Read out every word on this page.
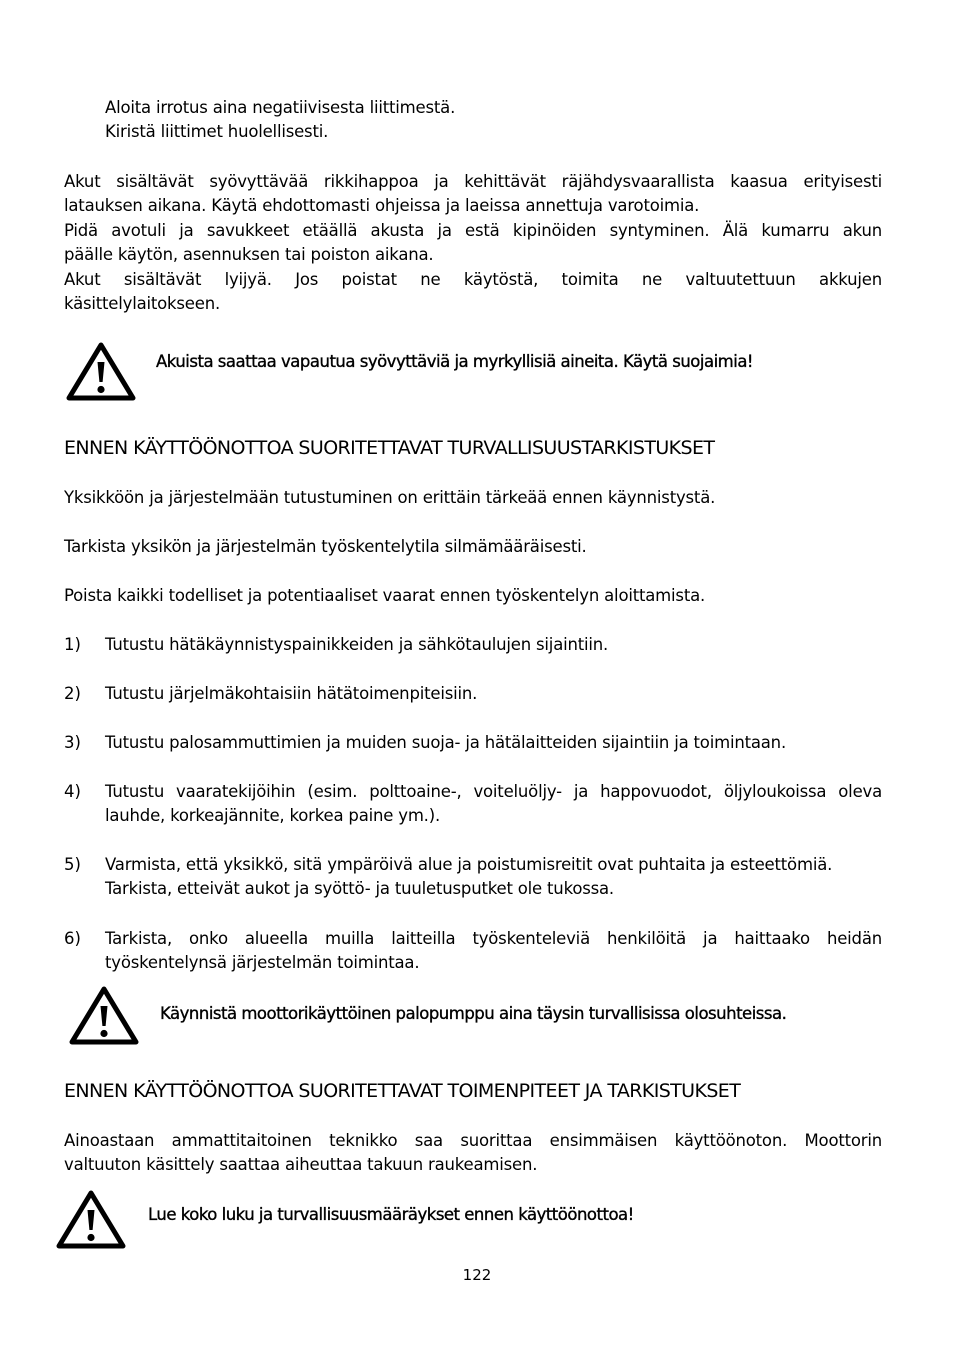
Aloita irrotus aina negatiivisesta liittimestä.
Kiristä liittimet huolellisesti.
Akut sisältävät syövyttävää rikkihappoa ja kehittävät räjähdysvaarallista kaasua erityisesti
latauksen aikana. Käytä ehdottomasti ohjeissa ja laeissa annettuja varotoimia.
Pidä avotuli ja savukkeet etäällä akusta ja estä kipinöiden syntyminen. Älä kumarru akun
päälle käytön, asennuksen tai poiston aikana.
Akut sisältävät lyijyä. Jos poistat ne käytöstä, toimita ne valtuutettuun akkujen
käsittelylaitokseen.
Akuista saattaa vapautua syövyttäviä ja myrkyllisiä aineita. Käytä suojaimia!
ENNEN KÄYTTÖÖNOTTOA SUORITETTAVAT TURVALLISUUSTARKISTUKSET
Yksikköön ja järjestelmään tutustuminen on erittäin tärkeää ennen käynnistystä.
Tarkista yksikön ja järjestelmän työskentelytila silmämääräisesti.
Poista kaikki todelliset ja potentiaaliset vaarat ennen työskentelyn aloittamista.
1) Tutustu hätäkäynnistyspainikkeiden ja sähkötaulujen sijaintiin.
2) Tutustu järjelmäkohtaisiin hätätoimenpiteisiin.
3) Tutustu palosammuttimien ja muiden suoja- ja hätälaitteiden sijaintiin ja toimintaan.
4) Tutustu vaaratekijöihin (esim. polttoaine-, voiteluöljy- ja happovuodot, öljyloukoissa oleva
lauhde, korkeajännite, korkea paine ym.).
5) Varmista, että yksikkö, sitä ympäröivä alue ja poistumisreitit ovat puhtaita ja esteettömiä.
Tarkista, etteivät aukot ja syöttö- ja tuuletusputket ole tukossa.
6) Tarkista, onko alueella muilla laitteilla työskenteleviä henkilöitä ja haittaako heidän
työskentelynsä järjestelmän toimintaa.
Käynnistä moottorikäyttöinen palopumppu aina täysin turvallisissa olosuhteissa.
ENNEN KÄYTTÖÖNOTTOA SUORITETTAVAT TOIMENPITEET JA TARKISTUKSET
Ainoastaan ammattitaitoinen teknikko saa suorittaa ensimmäisen käyttöönoton. Moottorin
valtuuton käsittely saattaa aiheuttaa takuun raukeamisen.
Lue koko luku ja turvallisuusmääräykset ennen käyttöönottoa!
122
